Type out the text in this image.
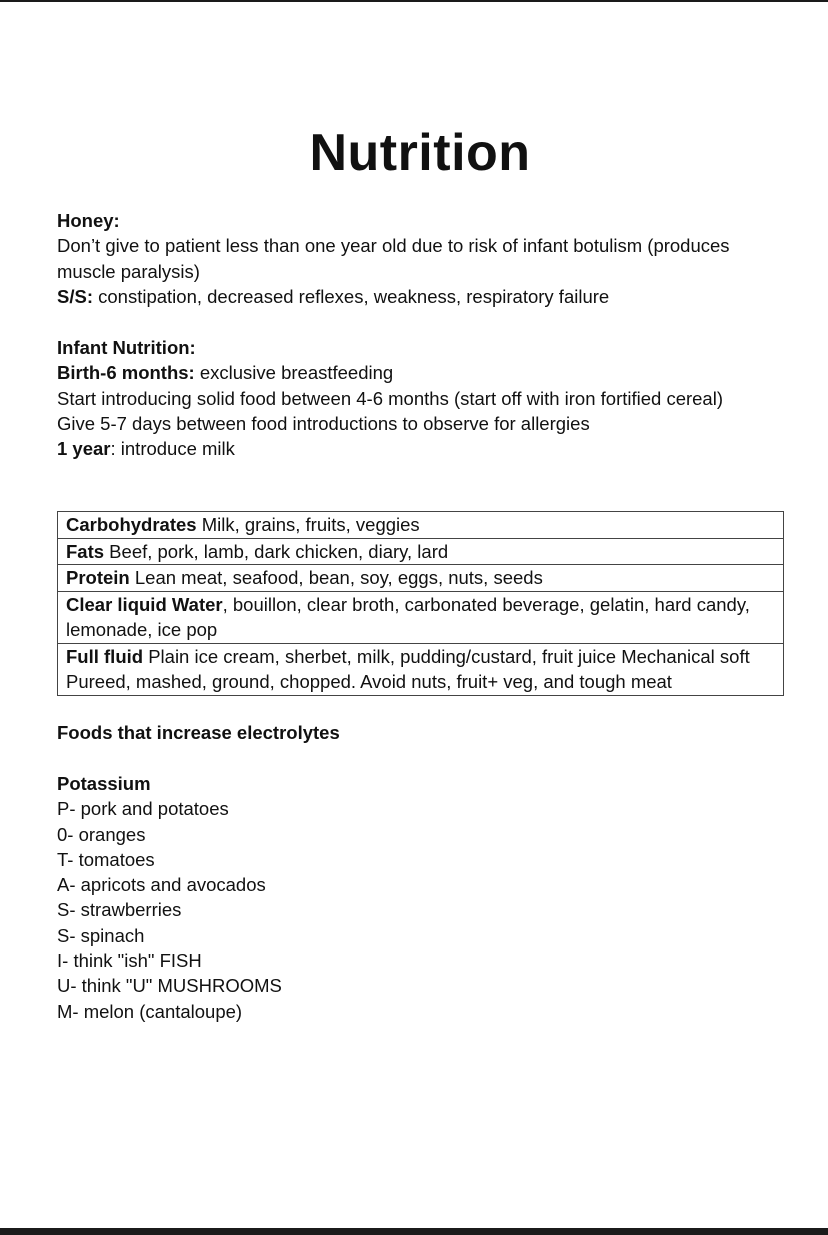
Nutrition
Honey:
Don’t give to patient less than one year old due to risk of infant botulism (produces muscle paralysis)
S/S: constipation, decreased reflexes, weakness, respiratory failure
Infant Nutrition:
Birth-6 months: exclusive breastfeeding
Start introducing solid food between 4-6 months (start off with iron fortified cereal)
Give 5-7 days between food introductions to observe for allergies
1 year: introduce milk
Carbohydrates Milk, grains, fruits, veggies
Fats Beef, pork, lamb, dark chicken, diary, lard
Protein Lean meat, seafood, bean, soy, eggs, nuts, seeds
Clear liquid Water, bouillon, clear broth, carbonated beverage, gelatin, hard candy, lemonade, ice pop
Full fluid Plain ice cream, sherbet, milk, pudding/custard, fruit juice Mechanical soft Pureed, mashed, ground, chopped. Avoid nuts, fruit+ veg, and tough meat
Foods that increase electrolytes
Potassium
P- pork and potatoes
0- oranges
T- tomatoes
A- apricots and avocados
S- strawberries
S- spinach
I- think "ish" FISH
U- think "U" MUSHROOMS
M- melon (cantaloupe)
